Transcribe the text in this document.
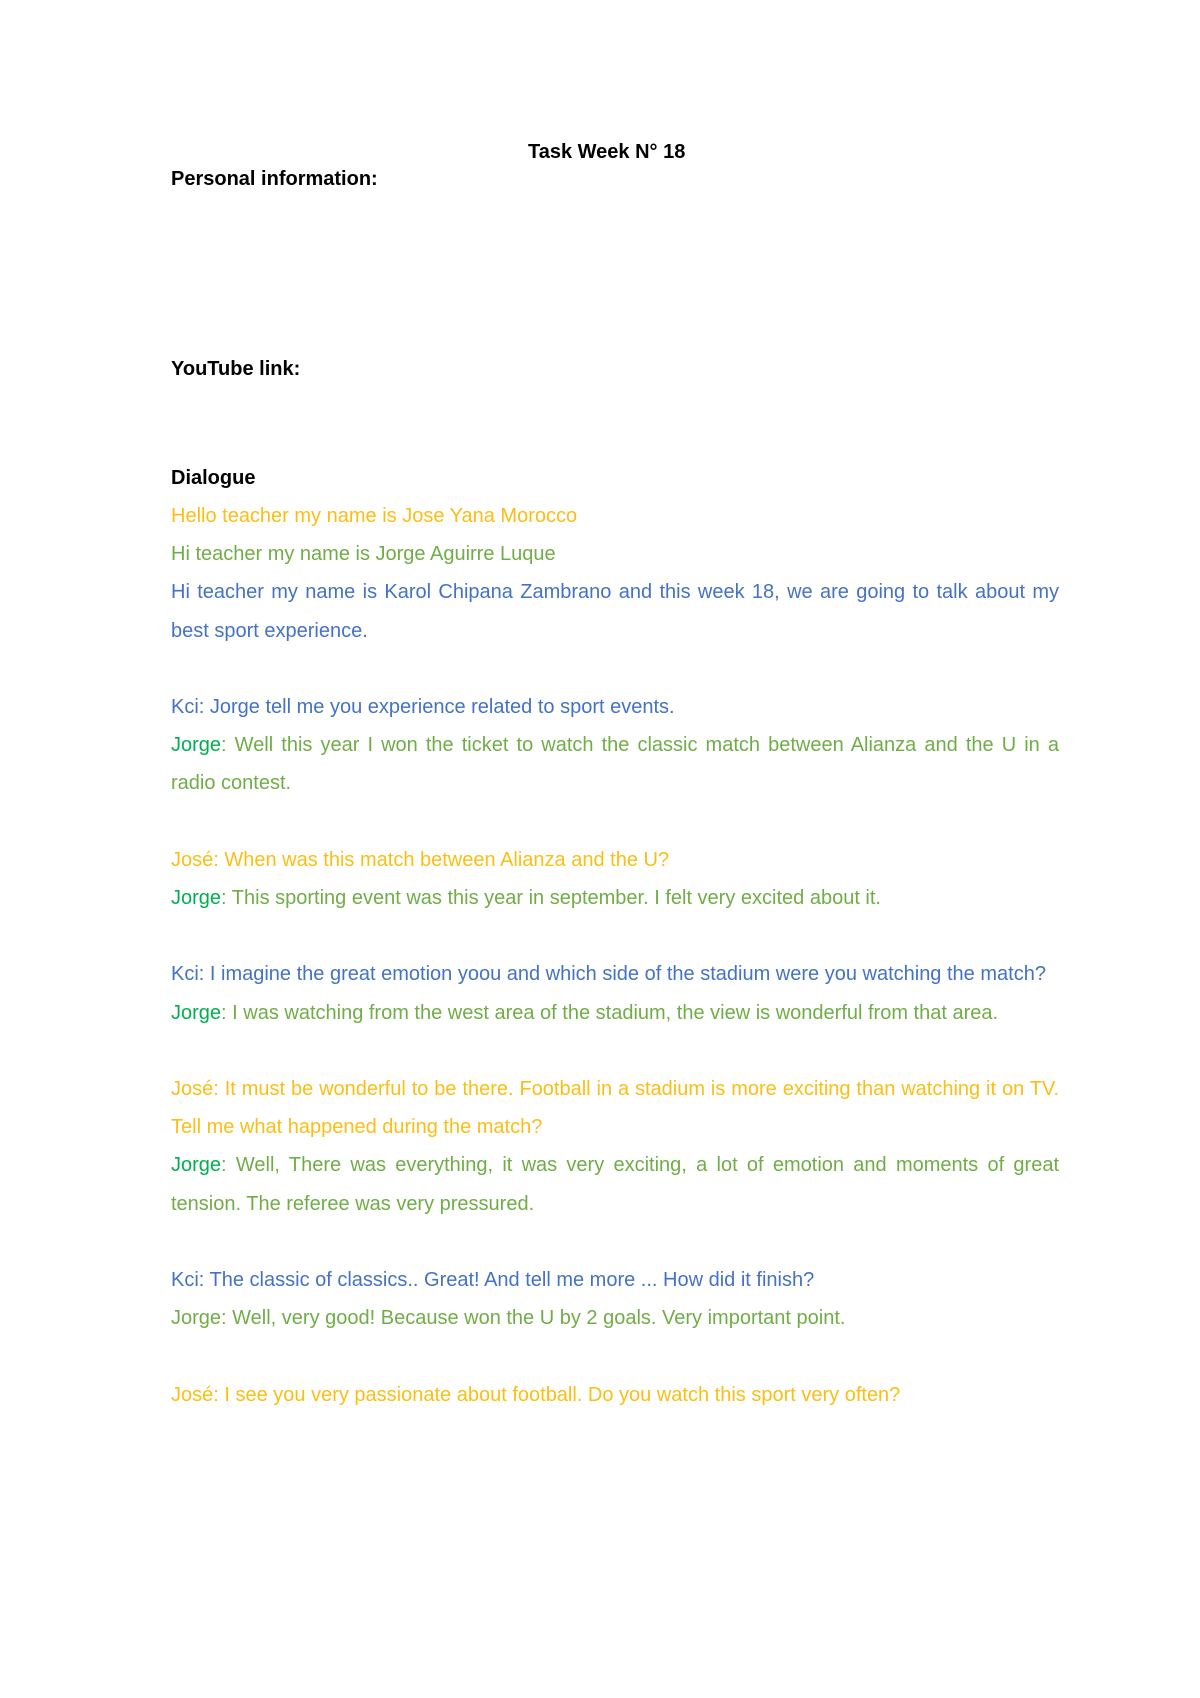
Task Week N° 18
Personal information:
YouTube link:
Dialogue

Hello teacher my name is Jose Yana Morocco

Hi teacher my name is Jorge Aguirre Luque

Hi teacher my name is Karol Chipana Zambrano and this week 18, we are going to talk about my best sport experience.

Kci: Jorge tell me you experience related to sport events.

Jorge: Well this year I won the ticket to watch the classic match between Alianza and the U in a radio contest.

José: When was this match between Alianza and the U?

Jorge: This sporting event was this year in september. I felt very excited about it.

Kci: I imagine the great emotion yoou and which side of the stadium were you watching the match?

Jorge: I was watching from the west area of the stadium, the view is wonderful from that area.

José: It must be wonderful to be there. Football in a stadium is more exciting than watching it on TV. Tell me what happened during the match?

Jorge: Well, There was everything, it was very exciting, a lot of emotion and moments of great tension. The referee was very pressured.

Kci: The classic of classics.. Great! And tell me more ... How did it finish?

Jorge: Well, very good! Because won the U by 2 goals. Very important point.

José: I see you very passionate about football. Do you watch this sport very often?
